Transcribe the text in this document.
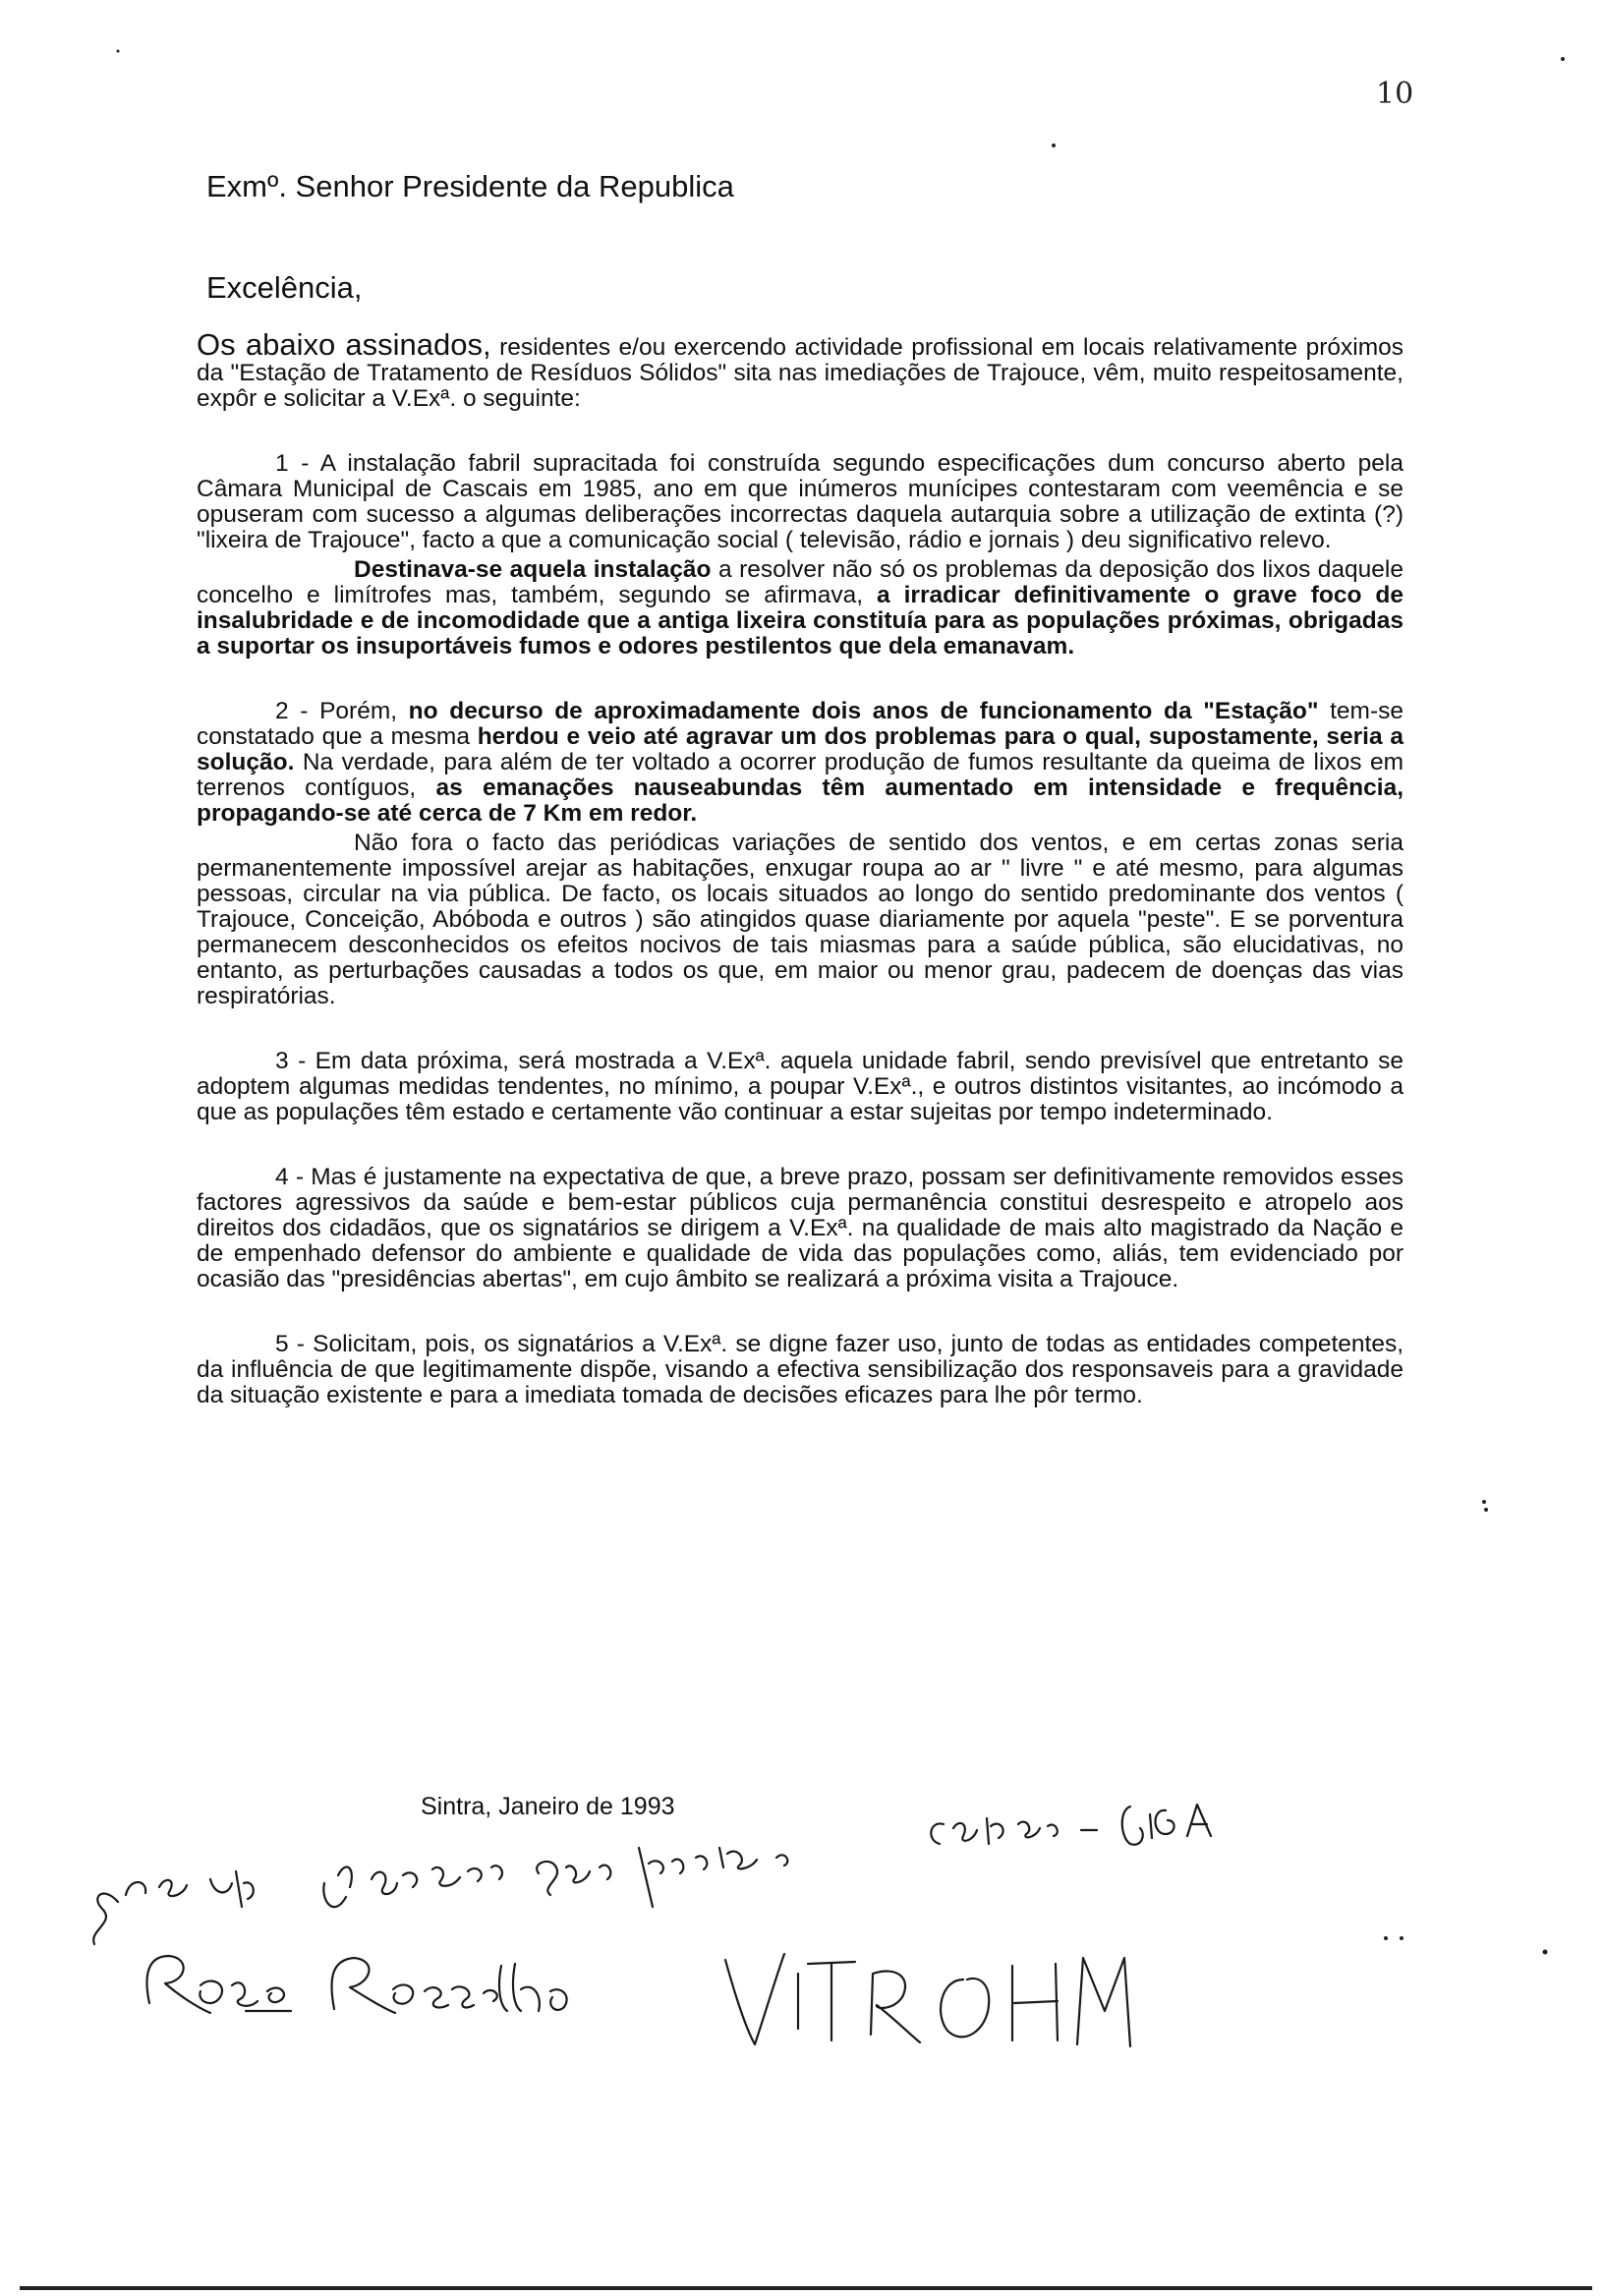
10
Exmº. Senhor Presidente da Republica
Excelência,

Os abaixo assinados, residentes e/ou exercendo actividade profissional em locais relativamente próximos da "Estação de Tratamento de Resíduos Sólidos" sita nas imediações de Trajouce, vêm, muito respeitosamente, expôr e solicitar a V.Exª. o seguinte:

1 - A instalação fabril supracitada foi construída segundo especificações dum concurso aberto pela Câmara Municipal de Cascais em 1985, ano em que inúmeros munícipes contestaram com veemência e se opuseram com sucesso a algumas deliberações incorrectas daquela autarquia sobre a utilização de extinta (?) "lixeira de Trajouce", facto a que a comunicação social ( televisão, rádio e jornais ) deu significativo relevo.

Destinava-se aquela instalação a resolver não só os problemas da deposição dos lixos daquele concelho e limítrofes mas, também, segundo se afirmava, a irradicar definitivamente o grave foco de insalubridade e de incomodidade que a antiga lixeira constituía para as populações próximas, obrigadas a suportar os insuportáveis fumos e odores pestilentos que dela emanavam.

2 - Porém, no decurso de aproximadamente dois anos de funcionamento da "Estação" tem-se constatado que a mesma herdou e veio até agravar um dos problemas para o qual, supostamente, seria a solução. Na verdade, para além de ter voltado a ocorrer produção de fumos resultante da queima de lixos em terrenos contíguos, as emanações nauseabundas têm aumentado em intensidade e frequência, propagando-se até cerca de 7 Km em redor.

Não fora o facto das periódicas variações de sentido dos ventos, e em certas zonas seria permanentemente impossível arejar as habitações, enxugar roupa ao ar " livre " e até mesmo, para algumas pessoas, circular na via pública. De facto, os locais situados ao longo do sentido predominante dos ventos ( Trajouce, Conceição, Abóboda e outros ) são atingidos quase diariamente por aquela "peste". E se porventura permanecem desconhecidos os efeitos nocivos de tais miasmas para a saúde pública, são elucidativas, no entanto, as perturbações causadas a todos os que, em maior ou menor grau, padecem de doenças das vias respiratórias.

3 - Em data próxima, será mostrada a V.Exª. aquela unidade fabril, sendo previsível que entretanto se adoptem algumas medidas tendentes, no mínimo, a poupar V.Exª., e outros distintos visitantes, ao incómodo a que as populações têm estado e certamente vão continuar a estar sujeitas por tempo indeterminado.

4 - Mas é justamente na expectativa de que, a breve prazo, possam ser definitivamente removidos esses factores agressivos da saúde e bem-estar públicos cuja permanência constitui desrespeito e atropelo aos direitos dos cidadãos, que os signatários se dirigem a V.Exª. na qualidade de mais alto magistrado da Nação e de empenhado defensor do ambiente e qualidade de vida das populações como, aliás, tem evidenciado por ocasião das "presidências abertas", em cujo âmbito se realizará a próxima visita a Trajouce.

5 - Solicitam, pois, os signatários a V.Exª. se digne fazer uso, junto de todas as entidades competentes, da influência de que legitimamente dispõe, visando a efectiva sensibilização dos responsaveis para a gravidade da situação existente e para a imediata tomada de decisões eficazes para lhe pôr termo.

Sintra, Janeiro de 1993
